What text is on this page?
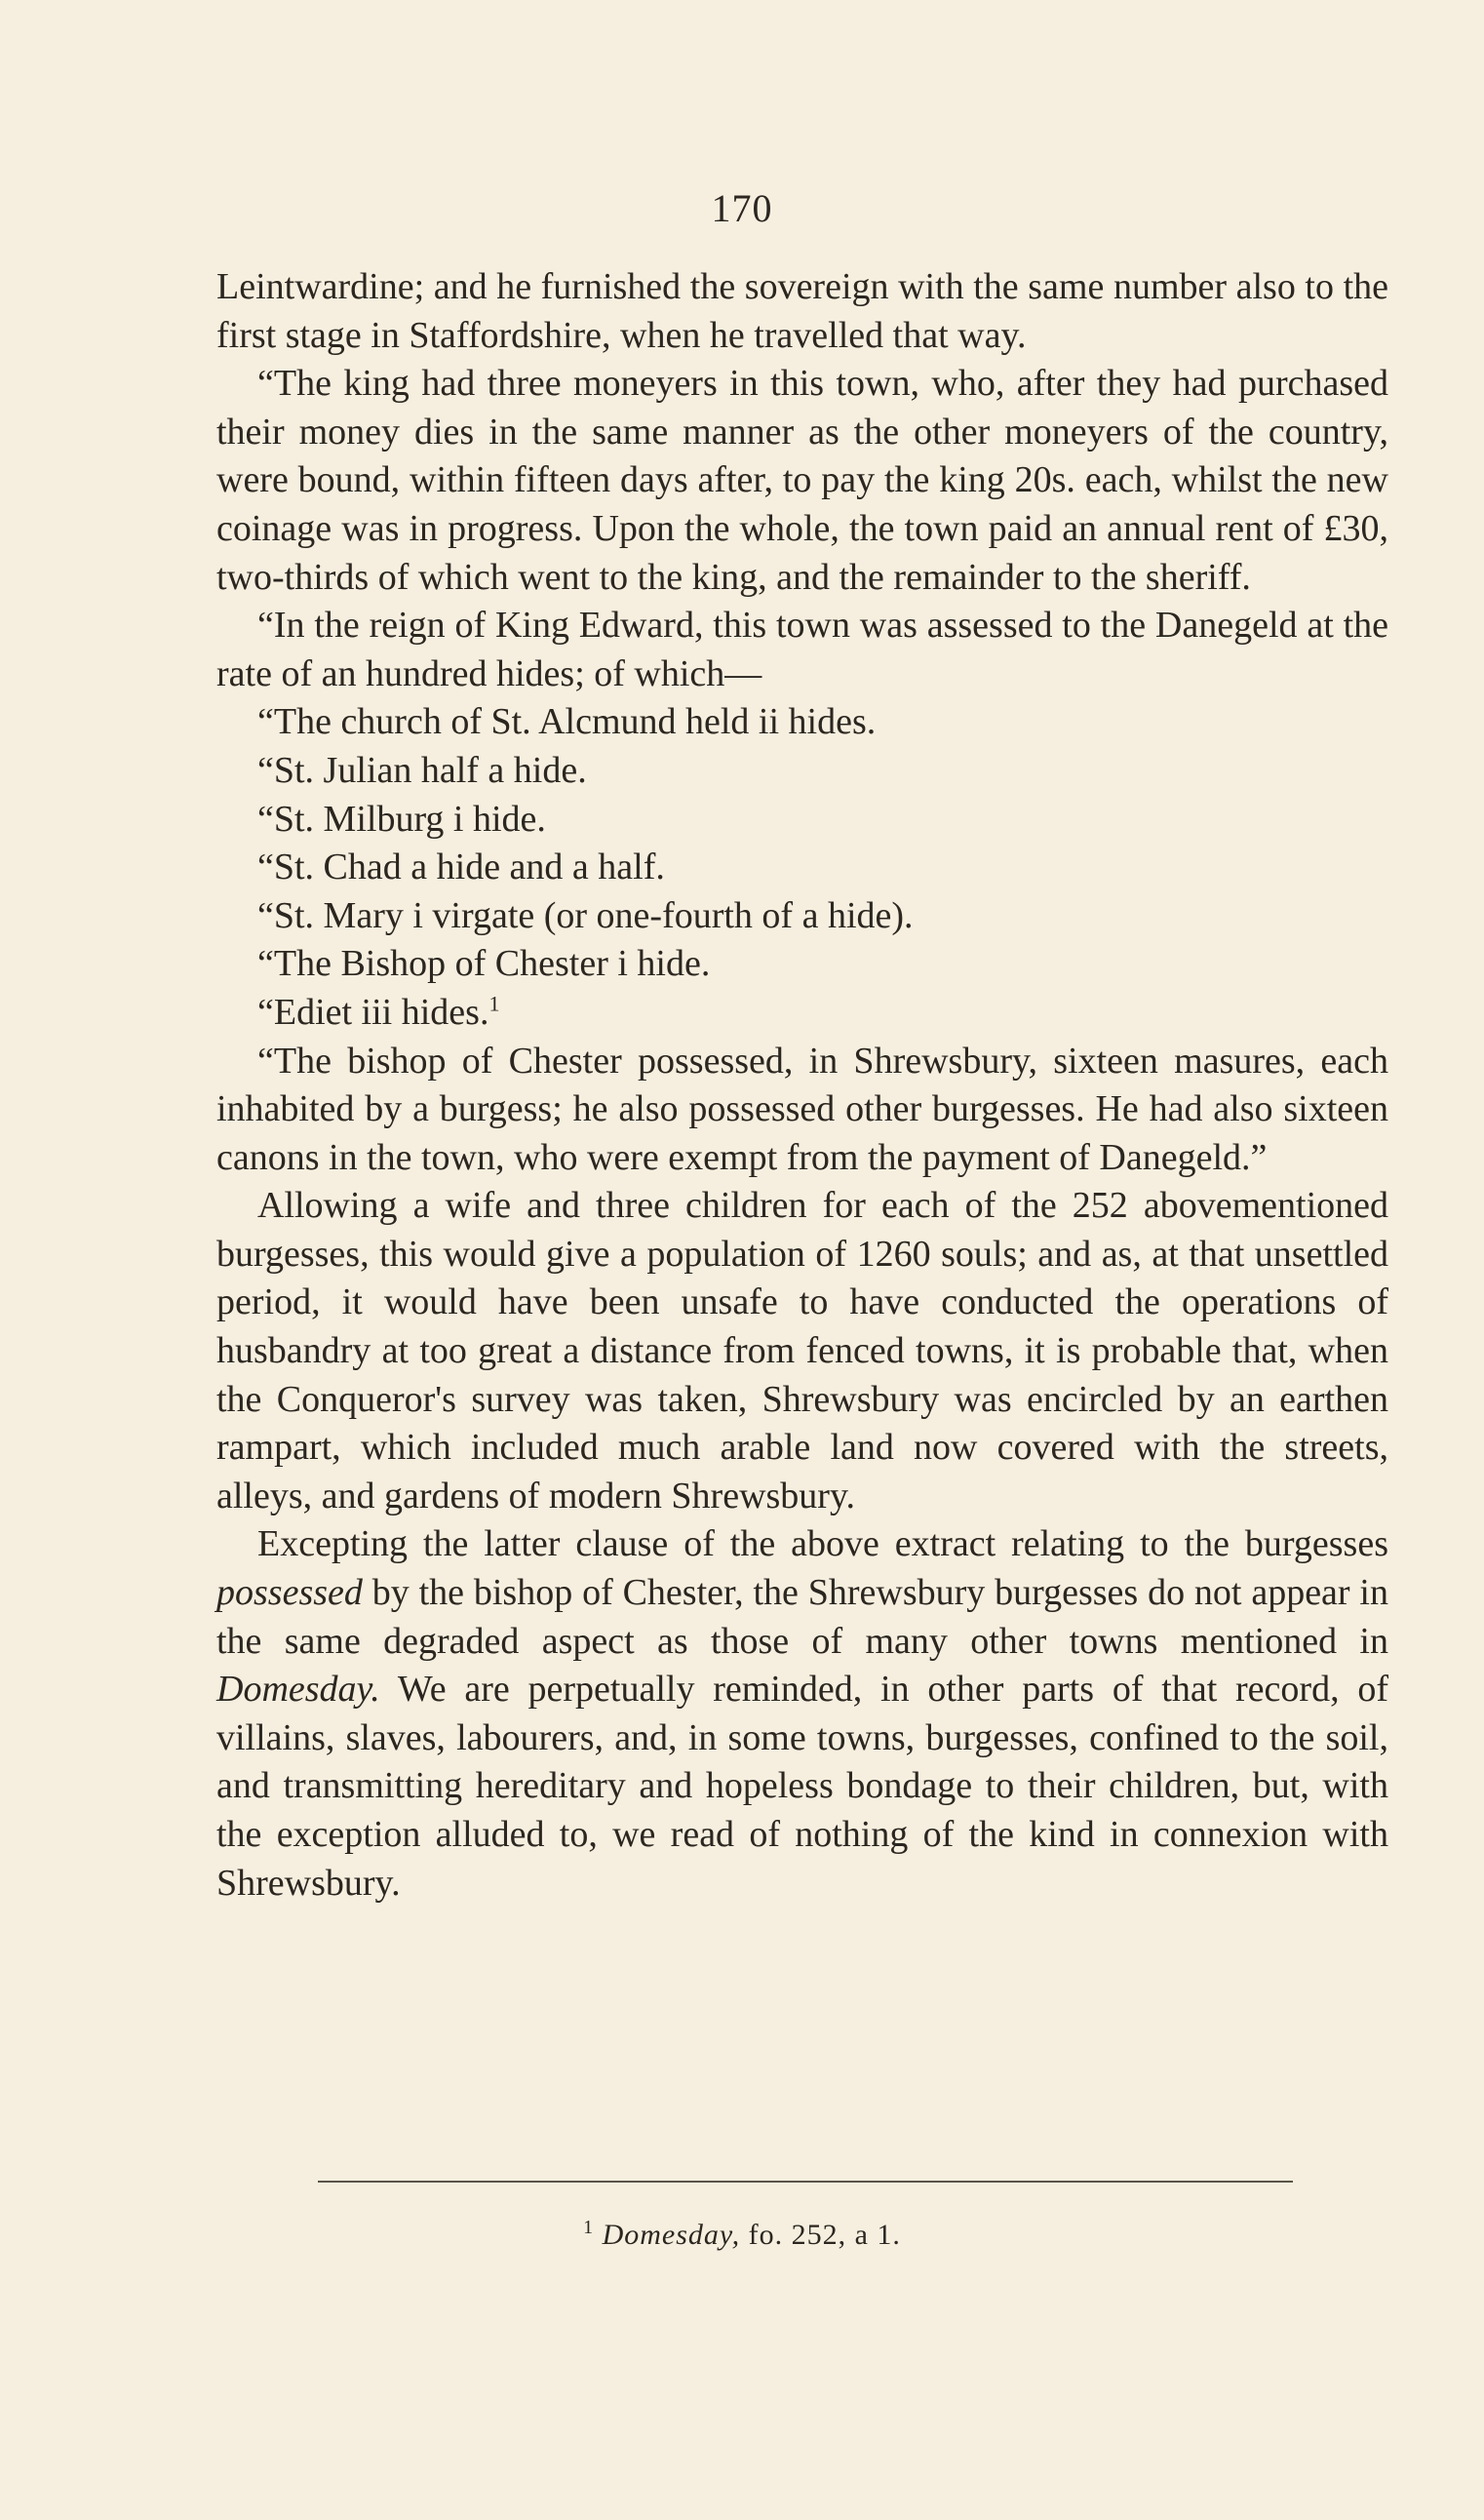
170

Leintwardine; and he furnished the sovereign with the same number also to the first stage in Staffordshire, when he travelled that way.

“The king had three moneyers in this town, who, after they had purchased their money dies in the same manner as the other moneyers of the country, were bound, within fifteen days after, to pay the king 20s. each, whilst the new coinage was in progress. Upon the whole, the town paid an annual rent of £30, two-thirds of which went to the king, and the remainder to the sheriff.

“In the reign of King Edward, this town was assessed to the Danegeld at the rate of an hundred hides; of which—

“The church of St. Alcmund held ii hides.

“St. Julian half a hide.

“St. Milburg i hide.

“St. Chad a hide and a half.

“St. Mary i virgate (or one-fourth of a hide).

“The Bishop of Chester i hide.

“Ediet iii hides.$^1$

“The bishop of Chester possessed, in Shrewsbury, sixteen masures, each inhabited by a burgess; he also possessed other burgesses. He had also sixteen canons in the town, who were exempt from the payment of Danegeld.”

Allowing a wife and three children for each of the 252 abovementioned burgesses, this would give a population of 1260 souls; and as, at that unsettled period, it would have been unsafe to have conducted the operations of husbandry at too great a distance from fenced towns, it is probable that, when the Conqueror's survey was taken, Shrewsbury was encircled by an earthen rampart, which included much arable land now covered with the streets, alleys, and gardens of modern Shrewsbury.

Excepting the latter clause of the above extract relating to the burgesses possessed by the bishop of Chester, the Shrewsbury burgesses do not appear in the same degraded aspect as those of many other towns mentioned in Domesday. We are perpetually reminded, in other parts of that record, of villains, slaves, labourers, and, in some towns, burgesses, confined to the soil, and transmitting hereditary and hopeless bondage to their children, but, with the exception alluded to, we read of nothing of the kind in connexion with Shrewsbury.

$^1$ Domesday, fo. 252, a 1.
